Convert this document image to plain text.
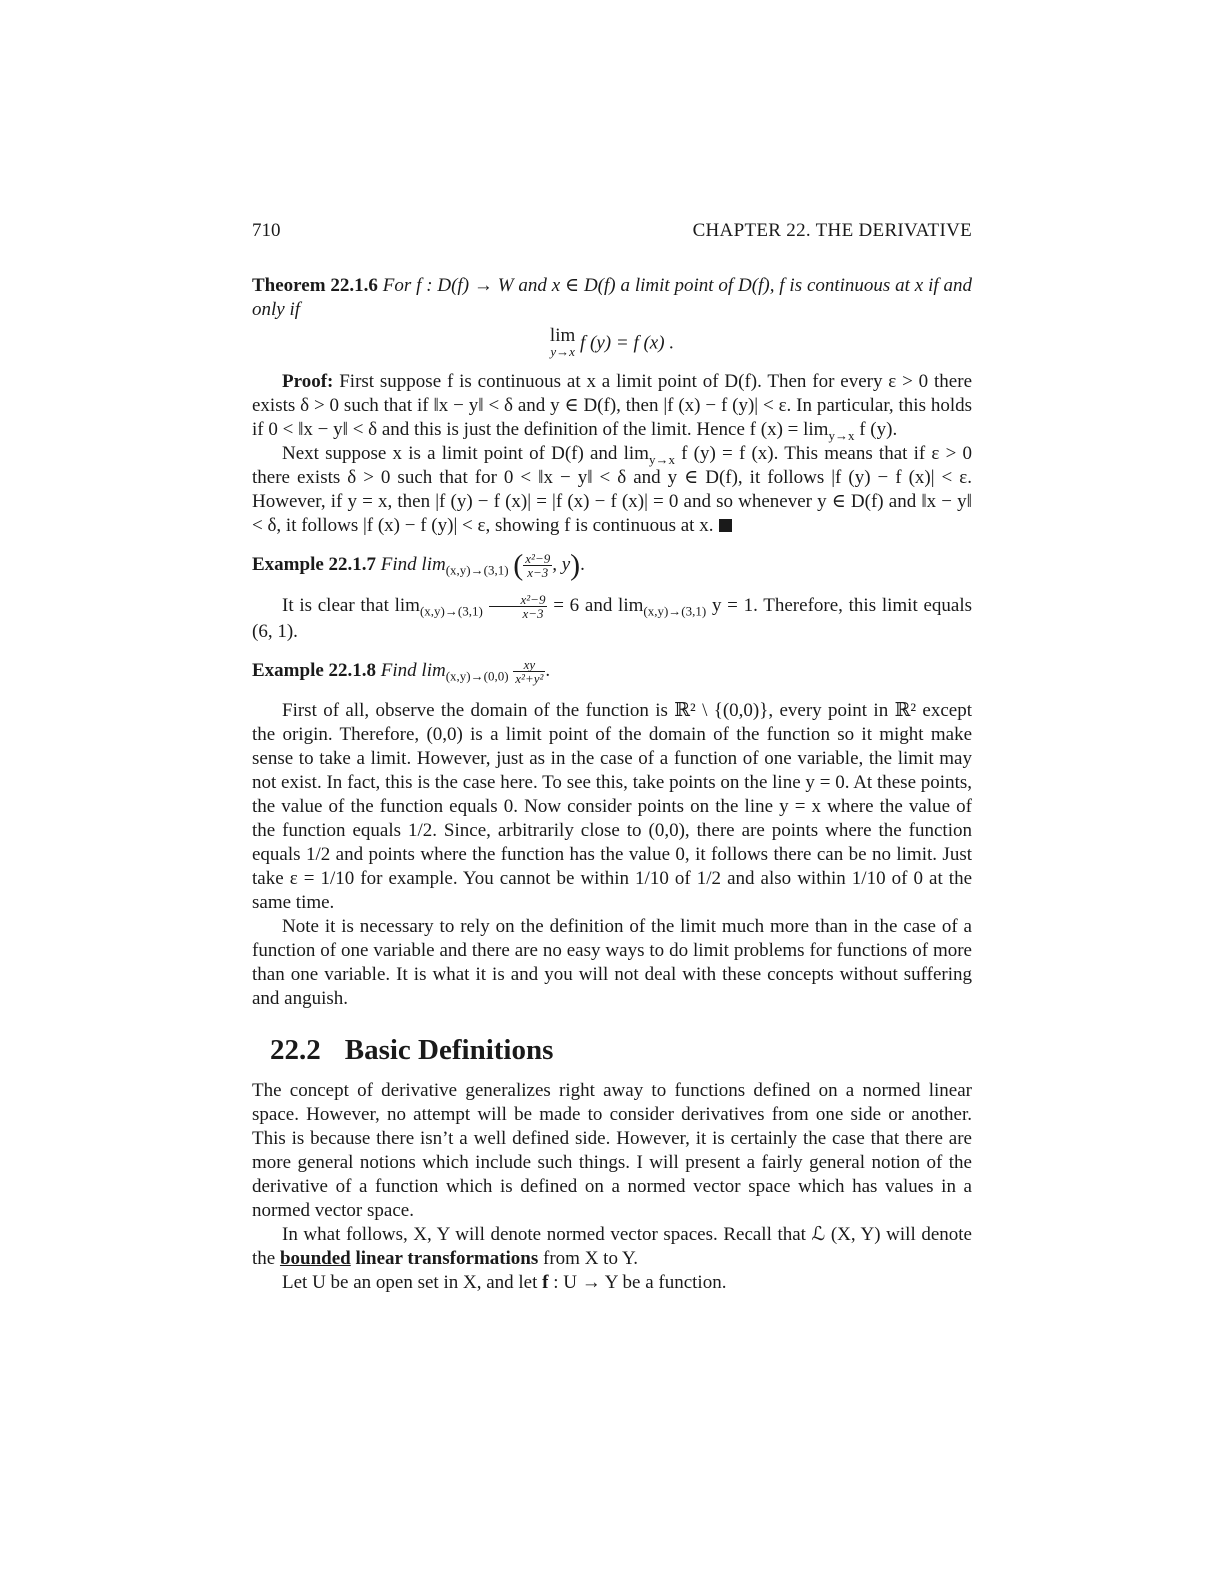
710	CHAPTER 22. THE DERIVATIVE

Theorem 22.1.6 For f : D(f) → W and x ∈ D(f) a limit point of D(f), f is continuous at x if and only if

lim
y→x f (y) = f (x) .

Proof: First suppose f is continuous at x a limit point of D(f). Then for every ε > 0 there exists δ > 0 such that if ‖x − y‖ < δ and y ∈ D(f), then |f (x) − f (y)| < ε. In particular, this holds if 0 < ‖x − y‖ < δ and this is just the definition of the limit. Hence f $(x) = \lim_{y\to x} f$ (y).

Next suppose x is a limit point of D(f) and $\lim_{y\to x} f$ (y) = f (x). This means that if ε > 0 there exists δ > 0 such that for 0 < ‖x − y‖ < δ and y ∈ D(f), it follows |f (y) − f (x)| < ε. However, if y = x, then |f (y) − f (x)| = |f (x) − f (x)| = 0 and so whenever y ∈ D(f) and ‖x − y‖ < δ, it follows |f (x) − f (y)| < ε, showing f is continuous at x.

Example 22.1.7 Find $\lim_{(x,y)\to(3,1)}$ ( $\frac{\text{x²−9}}{x-3}$ , y).

It is clear that $\lim_{(x,y)\to(3,1)} \frac{\text{x²−9}}{x-3} = 6$ and $\lim_{(x,y)\to(3,1)} y = 1$. Therefore, this limit equals (6, 1).

Example 22.1.8 Find $\lim_{(x,y)\to(0,0)} \frac{xy}{\text{x²+y²}}$ .

First of all, observe the domain of the function is ℝ² \ {(0,0)}, every point in ℝ² except the origin. Therefore, (0,0) is a limit point of the domain of the function so it might make sense to take a limit. However, just as in the case of a function of one variable, the limit may not exist. In fact, this is the case here. To see this, take points on the line y = 0. At these points, the value of the function equals 0. Now consider points on the line y = x where the value of the function equals 1/2. Since, arbitrarily close to (0,0), there are points where the function equals 1/2 and points where the function has the value 0, it follows there can be no limit. Just take ε = 1/10 for example. You cannot be within 1/10 of 1/2 and also within 1/10 of 0 at the same time.

Note it is necessary to rely on the definition of the limit much more than in the case of a function of one variable and there are no easy ways to do limit problems for functions of more than one variable. It is what it is and you will not deal with these concepts without suffering and anguish.

22.2 Basic Definitions

The concept of derivative generalizes right away to functions defined on a normed linear space. However, no attempt will be made to consider derivatives from one side or another. This is because there isn’t a well defined side. However, it is certainly the case that there are more general notions which include such things. I will present a fairly general notion of the derivative of a function which is defined on a normed vector space which has values in a normed vector space.

In what follows, X, Y will denote normed vector spaces. Recall that ℒ (X, Y) will denote the bounded linear transformations from X to Y.

Let U be an open set in X, and let f : U → Y be a function.
